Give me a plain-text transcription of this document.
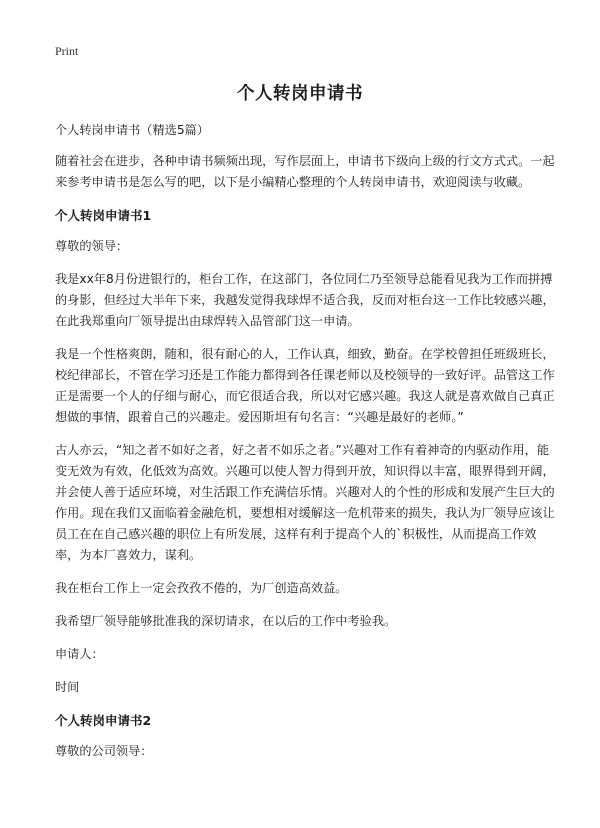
Print
个人转岗申请书

个人转岗申请书（精选5篇）

随着社会在进步，各种申请书频频出现，写作层面上，申请书下级向上级的行文方式式。一起来参考申请书是怎么写的吧，以下是小编精心整理的个人转岗申请书，欢迎阅读与收藏。

个人转岗申请书1

尊敬的领导：

我是xx年8月份进银行的，柜台工作，在这部门，各位同仁乃至领导总能看见我为工作而拼搏的身影，但经过大半年下来，我越发觉得我球焊不适合我，反而对柜台这一工作比较感兴趣，在此我郑重向厂领导提出由球焊转入品管部门这一申请。

我是一个性格爽朗，随和，很有耐心的人，工作认真，细致，勤奋。在学校曾担任班级班长，校纪律部长，不管在学习还是工作能力都得到各任课老师以及校领导的一致好评。品管这工作正是需要一个人的仔细与耐心，而它很适合我，所以对它感兴趣。我这人就是喜欢做自己真正想做的事情，跟着自己的兴趣走。爱因斯坦有句名言：“兴趣是最好的老师。”

古人亦云，“知之者不如好之者，好之者不如乐之者。”兴趣对工作有着神奇的内驱动作用，能变无效为有效，化低效为高效。兴趣可以使人智力得到开放，知识得以丰富，眼界得到开阔，并会使人善于适应环境，对生活跟工作充满信乐情。兴趣对人的个性的形成和发展产生巨大的作用。现在我们又面临着金融危机，要想相对缓解这一危机带来的损失，我认为厂领导应该让员工在在自己感兴趣的职位上有所发展，这样有利于提高个人的`积极性，从而提高工作效率，为本厂喜效力，谋利。

我在柜台工作上一定会孜孜不倦的，为厂创造高效益。

我希望厂领导能够批准我的深切请求，在以后的工作中考验我。

申请人：

时间

个人转岗申请书2

尊敬的公司领导：
